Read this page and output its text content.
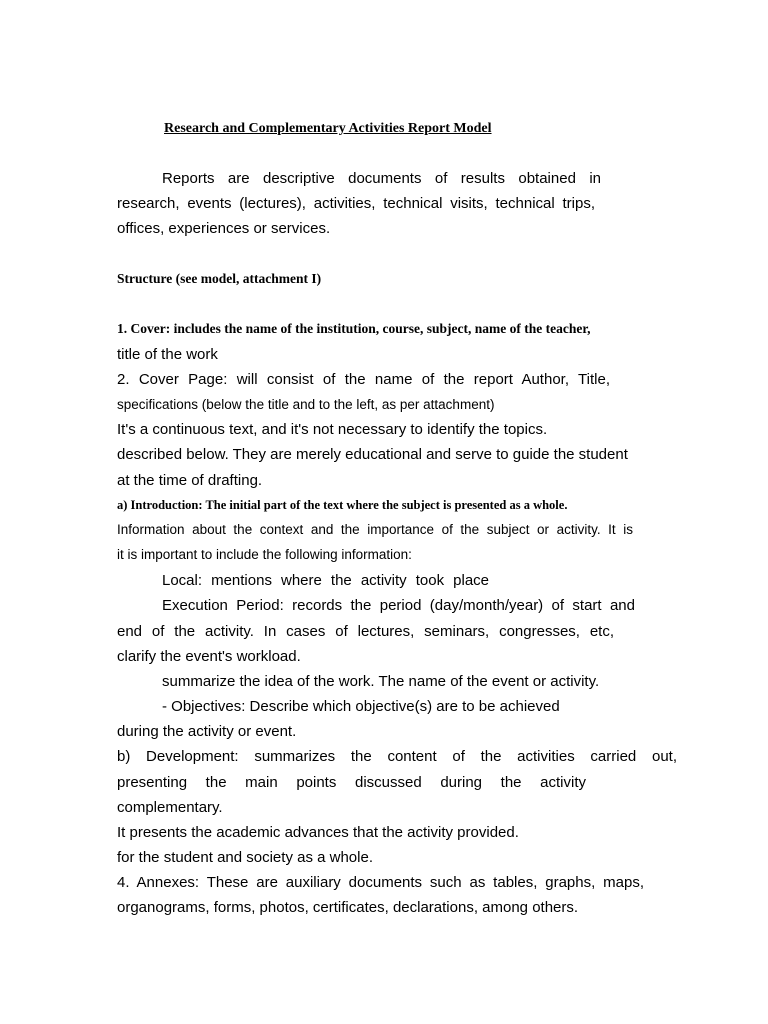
Research and Complementary Activities Report Model

Reports are descriptive documents of results obtained in

research, events (lectures), activities, technical visits, technical trips,

offices, experiences or services.

Structure (see model, attachment I)

1. Cover: includes the name of the institution, course, subject, name of the teacher,

title of the work

2. Cover Page: will consist of the name of the report Author, Title,

specifications (below the title and to the left, as per attachment)

It's a continuous text, and it's not necessary to identify the topics.

described below. They are merely educational and serve to guide the student

at the time of drafting.

a) Introduction: The initial part of the text where the subject is presented as a whole.

Information about the context and the importance of the subject or activity. It is

it is important to include the following information:

Local: mentions where the activity took place

Execution Period: records the period (day/month/year) of start and

end of the activity. In cases of lectures, seminars, congresses, etc,

clarify the event's workload.

summarize the idea of the work. The name of the event or activity.

- Objectives: Describe which objective(s) are to be achieved

during the activity or event.

b) Development: summarizes the content of the activities carried out,

presenting the main points discussed during the activity

complementary.

It presents the academic advances that the activity provided.

for the student and society as a whole.

4. Annexes: These are auxiliary documents such as tables, graphs, maps,

organograms, forms, photos, certificates, declarations, among others.
